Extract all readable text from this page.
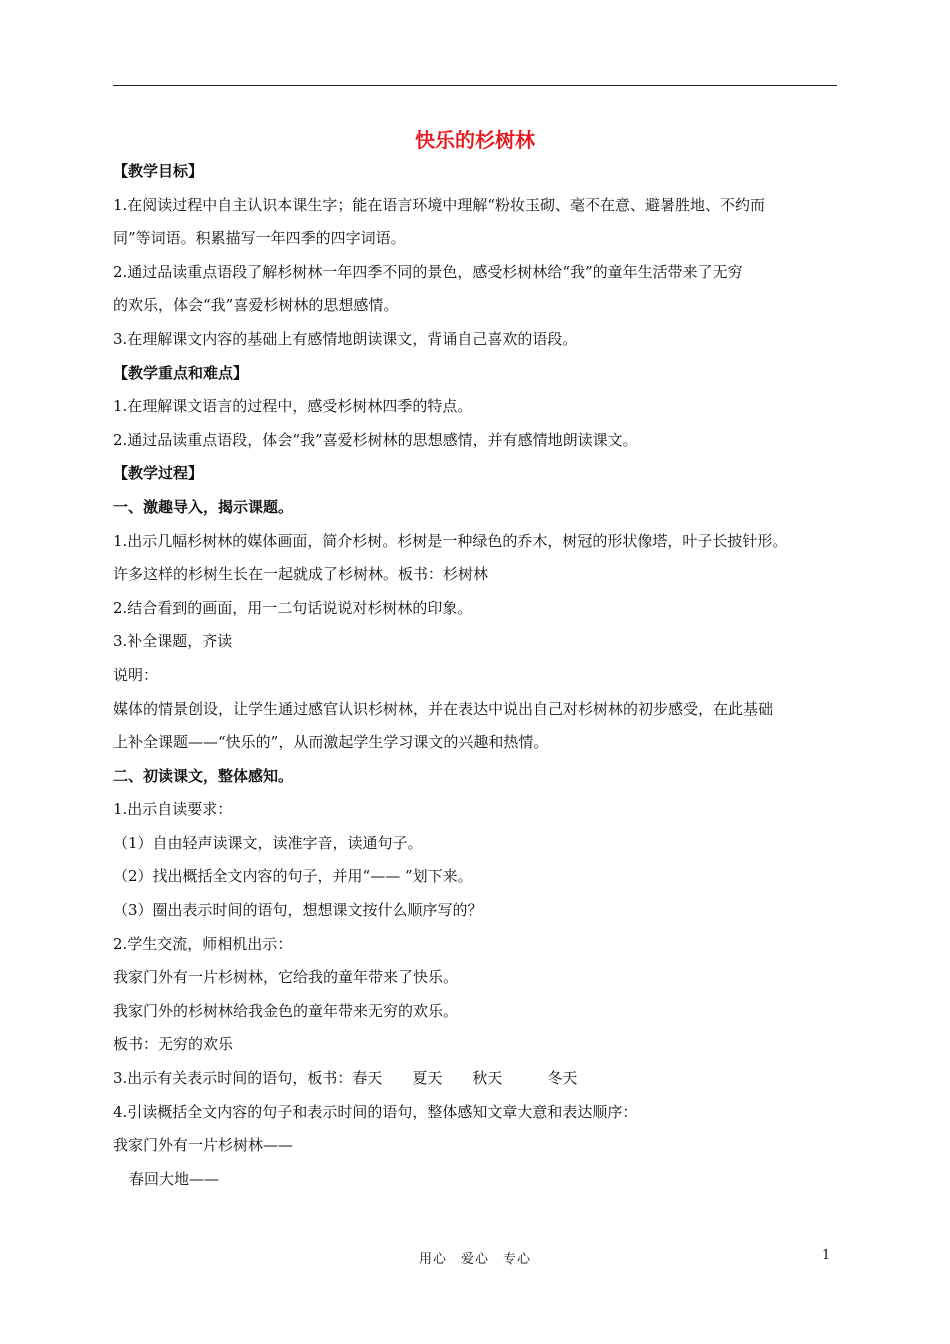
快乐的杉树林
【教学目标】
1.在阅读过程中自主认识本课生字；能在语言环境中理解“粉妆玉砌、毫不在意、避暑胜地、不约而
同”等词语。积累描写一年四季的四字词语。
2.通过品读重点语段了解杉树林一年四季不同的景色，感受杉树林给“我”的童年生活带来了无穷
的欢乐，体会“我”喜爱杉树林的思想感情。
3.在理解课文内容的基础上有感情地朗读课文，背诵自己喜欢的语段。
【教学重点和难点】
1.在理解课文语言的过程中，感受杉树林四季的特点。
2.通过品读重点语段，体会“我”喜爱杉树林的思想感情，并有感情地朗读课文。
【教学过程】
一、激趣导入，揭示课题。
1.出示几幅杉树林的媒体画面，简介杉树。杉树是一种绿色的乔木，树冠的形状像塔，叶子长披针形。
许多这样的杉树生长在一起就成了杉树林。板书：杉树林
2.结合看到的画面，用一二句话说说对杉树林的印象。
3.补全课题，齐读
说明：
媒体的情景创设，让学生通过感官认识杉树林，并在表达中说出自己对杉树林的初步感受，在此基础
上补全课题——“快乐的”，从而激起学生学习课文的兴趣和热情。
二、初读课文，整体感知。
1.出示自读要求：
（1）自由轻声读课文，读准字音，读通句子。
（2）找出概括全文内容的句子，并用“—— ”划下来。
（3）圈出表示时间的语句，想想课文按什么顺序写的？
2.学生交流，师相机出示：
我家门外有一片杉树林，它给我的童年带来了快乐。
我家门外的杉树林给我金色的童年带来无穷的欢乐。
板书：无穷的欢乐
3.出示有关表示时间的语句，板书：春天　　夏天　　秋天　　　冬天
4.引读概括全文内容的句子和表示时间的语句，整体感知文章大意和表达顺序：
我家门外有一片杉树林——
春回大地——
用心　爱心　专心	1
